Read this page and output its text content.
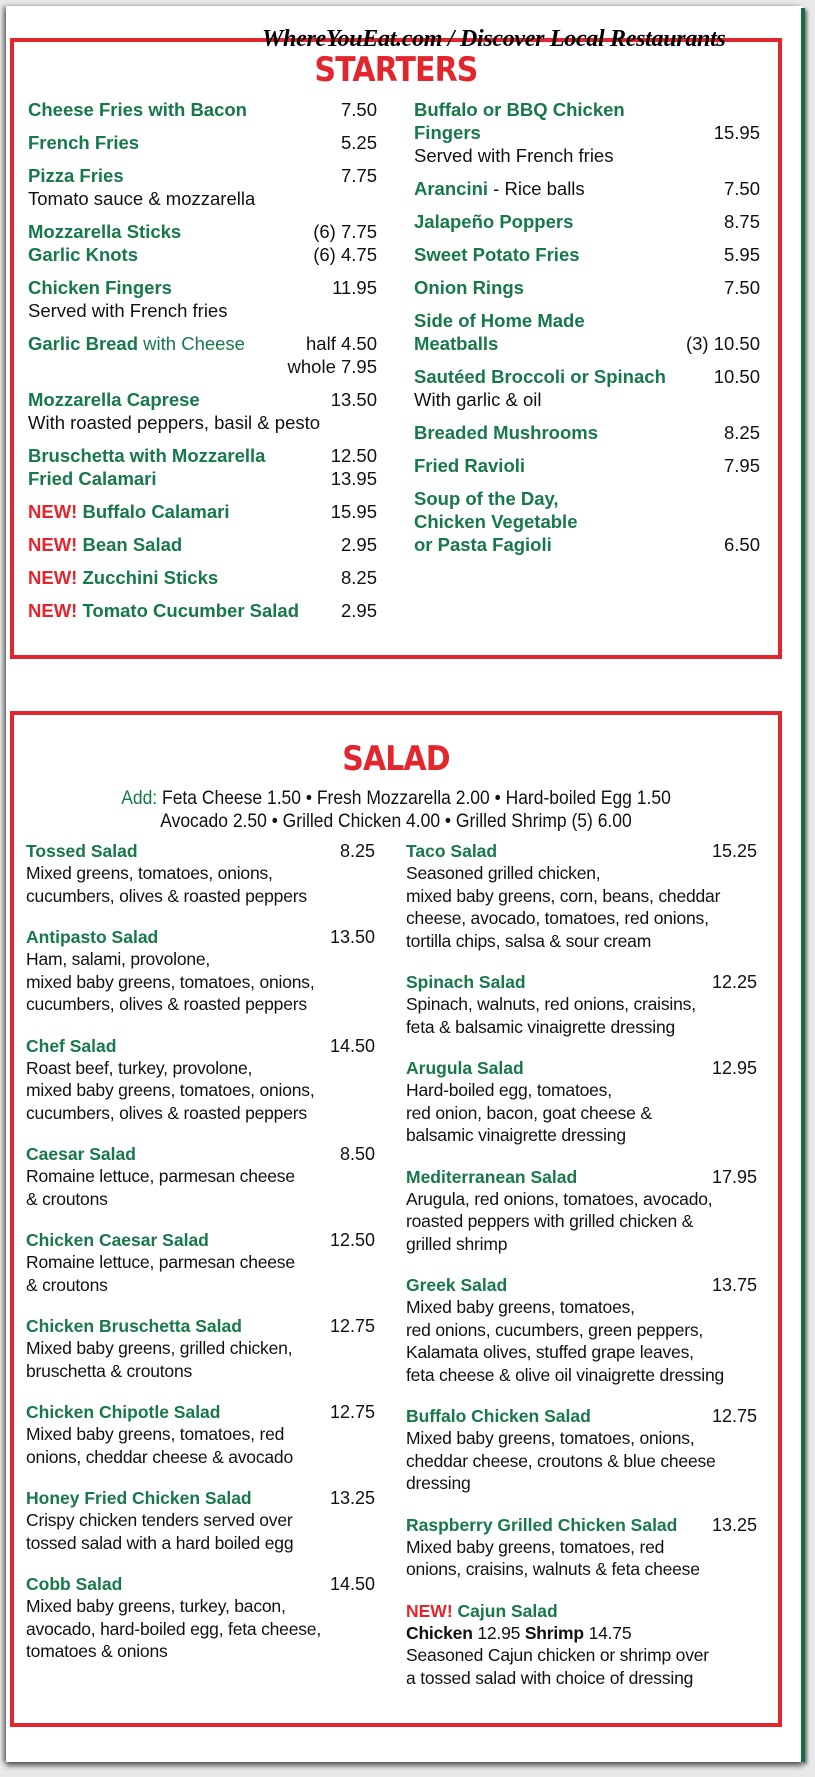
WhereYouEat.com / Discover Local Restaurants
STARTERS
Cheese Fries with Bacon	7.50
French Fries	5.25
Pizza Fries	7.75
Tomato sauce & mozzarella
Mozzarella Sticks	(6) 7.75
Garlic Knots	(6) 4.75
Chicken Fingers	11.95
Served with French fries
Garlic Bread with Cheese	half 4.50
whole 7.95
Mozzarella Caprese	13.50
With roasted peppers, basil & pesto
Bruschetta with Mozzarella	12.50
Fried Calamari	13.95
NEW! Buffalo Calamari	15.95
NEW! Bean Salad	2.95
NEW! Zucchini Sticks	8.25
NEW! Tomato Cucumber Salad	2.95
Buffalo or BBQ Chicken
Fingers	15.95
Served with French fries
Arancini - Rice balls	7.50
Jalapeño Poppers	8.75
Sweet Potato Fries	5.95
Onion Rings	7.50
Side of Home Made
Meatballs	(3) 10.50
Sautéed Broccoli or Spinach	10.50
With garlic & oil
Breaded Mushrooms	8.25
Fried Ravioli	7.95
Soup of the Day,
Chicken Vegetable
or Pasta Fagioli	6.50
SALAD
Add: Feta Cheese 1.50 • Fresh Mozzarella 2.00 • Hard-boiled Egg 1.50
Avocado 2.50 • Grilled Chicken 4.00 • Grilled Shrimp (5) 6.00
Tossed Salad	8.25
Mixed greens, tomatoes, onions,
cucumbers, olives & roasted peppers
Antipasto Salad	13.50
Ham, salami, provolone,
mixed baby greens, tomatoes, onions,
cucumbers, olives & roasted peppers
Chef Salad	14.50
Roast beef, turkey, provolone,
mixed baby greens, tomatoes, onions,
cucumbers, olives & roasted peppers
Caesar Salad	8.50
Romaine lettuce, parmesan cheese
& croutons
Chicken Caesar Salad	12.50
Romaine lettuce, parmesan cheese
& croutons
Chicken Bruschetta Salad	12.75
Mixed baby greens, grilled chicken,
bruschetta & croutons
Chicken Chipotle Salad	12.75
Mixed baby greens, tomatoes, red
onions, cheddar cheese & avocado
Honey Fried Chicken Salad	13.25
Crispy chicken tenders served over
tossed salad with a hard boiled egg
Cobb Salad	14.50
Mixed baby greens, turkey, bacon,
avocado, hard-boiled egg, feta cheese,
tomatoes & onions
Taco Salad	15.25
Seasoned grilled chicken,
mixed baby greens, corn, beans, cheddar
cheese, avocado, tomatoes, red onions,
tortilla chips, salsa & sour cream
Spinach Salad	12.25
Spinach, walnuts, red onions, craisins,
feta & balsamic vinaigrette dressing
Arugula Salad	12.95
Hard-boiled egg, tomatoes,
red onion, bacon, goat cheese &
balsamic vinaigrette dressing
Mediterranean Salad	17.95
Arugula, red onions, tomatoes, avocado,
roasted peppers with grilled chicken &
grilled shrimp
Greek Salad	13.75
Mixed baby greens, tomatoes,
red onions, cucumbers, green peppers,
Kalamata olives, stuffed grape leaves,
feta cheese & olive oil vinaigrette dressing
Buffalo Chicken Salad	12.75
Mixed baby greens, tomatoes, onions,
cheddar cheese, croutons & blue cheese
dressing
Raspberry Grilled Chicken Salad	13.25
Mixed baby greens, tomatoes, red
onions, craisins, walnuts & feta cheese
NEW! Cajun Salad
Chicken 12.95 Shrimp 14.75
Seasoned Cajun chicken or shrimp over
a tossed salad with choice of dressing
